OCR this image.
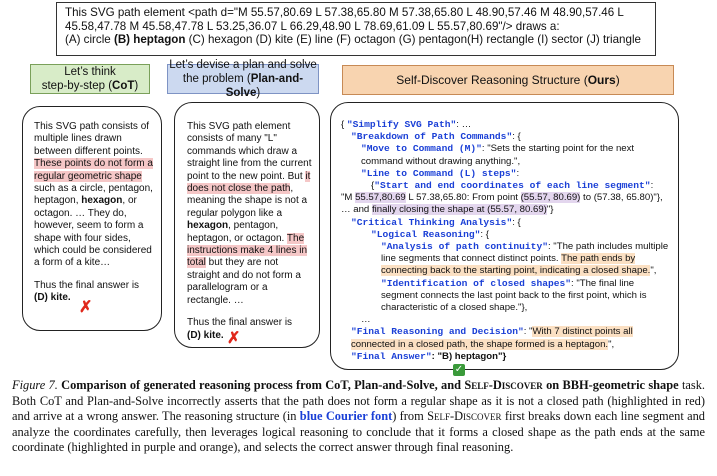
This SVG path element <path d="M 55.57,80.69 L 57.38,65.80 M 57.38,65.80 L 48.90,57.46 M 48.90,57.46 L
45.58,47.78 M 45.58,47.78 L 53.25,36.07 L 66.29,48.90 L 78.69,61.09 L 55.57,80.69"/> draws a:
(A) circle (B) heptagon (C) hexagon (D) kite (E) line (F) octagon (G) pentagon(H) rectangle (I) sector (J) triangle
Let’s think
step-by-step (CoT)
Let’s devise a plan and solve
the problem (Plan-and-Solve)
Self-Discover Reasoning Structure (Ours)
This SVG path consists of multiple lines drawn between different points. These points do not form a regular geometric shape such as a circle, pentagon, heptagon, hexagon, or octagon. … They do, however, seem to form a shape with four sides, which could be considered a form of a kite…
Thus the final answer is
(D) kite.
✗
This SVG path element consists of many "L" commands which draw a straight line from the current point to the new point. But it does not close the path, meaning the shape is not a regular polygon like a hexagon, pentagon, heptagon, or octagon. The instructions make 4 lines in total but they are not straight and do not form a parallelogram or a rectangle. …
Thus the final answer is
(D) kite. ✗
{ "Simplify SVG Path": …
"Breakdown of Path Commands": {
"Move to Command (M)": "Sets the starting point for the next command without drawing anything.",
"Line to Command (L) steps":
{"Start and end coordinates of each line segment":
"M 55.57,80.69 L 57.38,65.80: From point (55.57, 80.69) to (57.38, 65.80)"}, … and finally closing the shape at (55.57, 80.69)"}
"Critical Thinking Analysis": {
"Logical Reasoning": {
"Analysis of path continuity": "The path includes multiple line segments that connect distinct points. The path ends by connecting back to the starting point, indicating a closed shape.",
"Identification of closed shapes": "The final line segment connects the last point back to the first point, which is characteristic of a closed shape."},
…
"Final Reasoning and Decision": "With 7 distinct points all connected in a closed path, the shape formed is a heptagon.",
"Final Answer": "B) heptagon"}
✓
Figure 7. Comparison of generated reasoning process from CoT, Plan-and-Solve, and Self-Discover on BBH-geometric shape task. Both CoT and Plan-and-Solve incorrectly asserts that the path does not form a regular shape as it is not a closed path (highlighted in red) and arrive at a wrong answer. The reasoning structure (in blue Courier font) from Self-Discover first breaks down each line segment and analyze the coordinates carefully, then leverages logical reasoning to conclude that it forms a closed shape as the path ends at the same coordinate (highlighted in purple and orange), and selects the correct answer through final reasoning.
